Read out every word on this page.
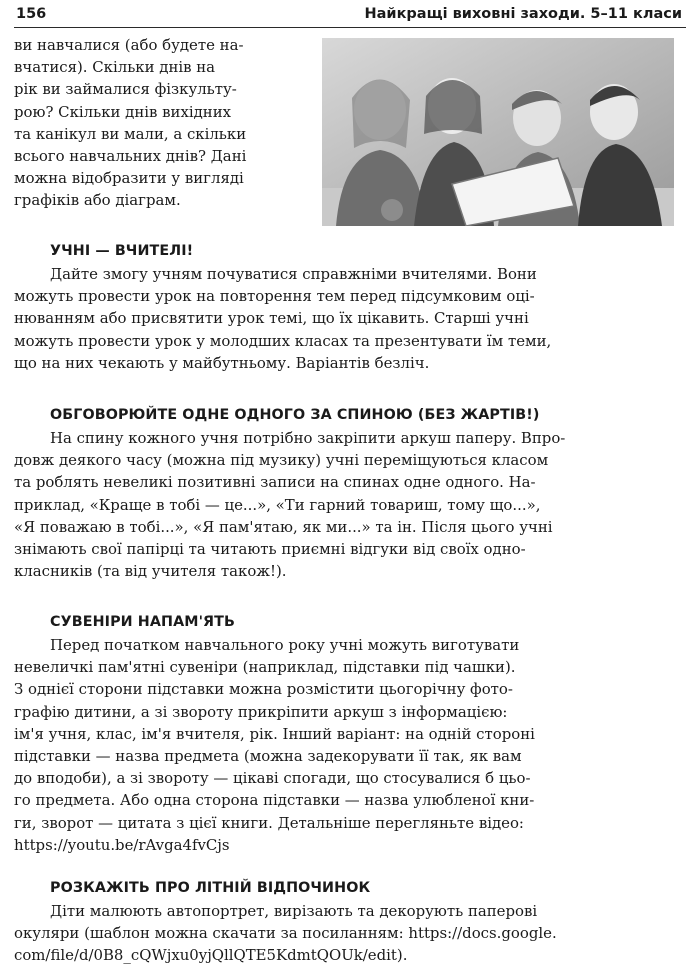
156	Найкращі виховні заходи. 5–11 класи
ви навчалися (або будете на-
вчатися). Скільки днів на
рік ви займалися фізкульту-
рою? Скільки днів вихідних
та канікул ви мали, а скільки
всього навчальних днів? Дані
можна відобразити у вигляді
графіків або діаграм.
УЧНІ — ВЧИТЕЛІ!
Дайте змогу учням почуватися справжніми вчителями. Вони
можуть провести урок на повторення тем перед підсумковим оці-
нюванням або присвятити урок темі, що їх цікавить. Старші учні
можуть провести урок у молодших класах та презентувати їм теми,
що на них чекають у майбутньому. Варіантів безліч.
ОБГОВОРЮЙТЕ ОДНЕ ОДНОГО ЗА СПИНОЮ (БЕЗ ЖАРТІВ!)
На спину кожного учня потрібно закріпити аркуш паперу. Впро-
довж деякого часу (можна під музику) учні переміщуються класом
та роблять невеликі позитивні записи на спинах одне одного. На-
приклад, «Краще в тобі — це...», «Ти гарний товариш, тому що...»,
«Я поважаю в тобі...», «Я пам'ятаю, як ми...» та ін. Після цього учні
знімають свої папірці та читають приємні відгуки від своїх одно-
класників (та від учителя також!).
СУВЕНІРИ НАПАМ'ЯТЬ
Перед початком навчального року учні можуть виготувати
невеличкі пам'ятні сувеніри (наприклад, підставки під чашки).
З однієї сторони підставки можна розмістити цьогорічну фото-
графію дитини, а зі звороту прикріпити аркуш з інформацією:
ім'я учня, клас, ім'я вчителя, рік. Інший варіант: на одній стороні
підставки — назва предмета (можна задекорувати її так, як вам
до вподоби), а зі звороту — цікаві спогади, що стосувалися б цьо-
го предмета. Або одна сторона підставки — назва улюбленої кни-
ги, зворот — цитата з цієї книги. Детальніше перегляньте відео:
https://youtu.be/rAvga4fvCjs
РОЗКАЖІТЬ ПРО ЛІТНІЙ ВІДПОЧИНОК
Діти малюють автопортрет, вирізають та декорують паперові
окуляри (шаблон можна скачати за посиланням: https://docs.google.
com/file/d/0B8_cQWjxu0yjQllQTE5KdmtQOUk/edit).
